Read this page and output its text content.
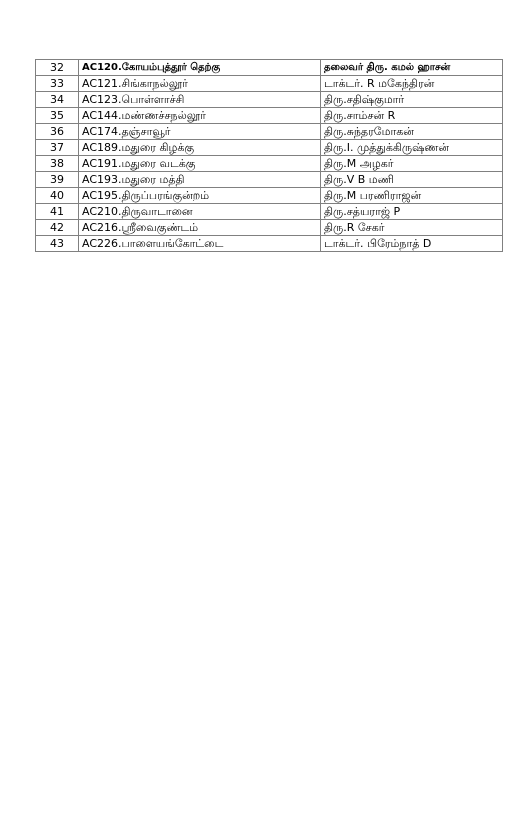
32	AC120.கோயம்புத்தூர் தெற்கு	தலைவர் திரு. கமல் ஹாசன்
33	AC121.சிங்காநல்லூர்	டாக்டர். R மகேந்திரன்
34	AC123.பொள்ளாச்சி	திரு.சதிஷ்குமார்
35	AC144.மண்ணச்சநல்லூர்	திரு.சாம்சன் R
36	AC174.தஞ்சாவூர்	திரு.சுந்தரமோகன்
37	AC189.மதுரை கிழக்கு	திரு.I. முத்துக்கிருஷ்ணன்
38	AC191.மதுரை வடக்கு	திரு.M அழகர்
39	AC193.மதுரை மத்தி	திரு.V B மணி
40	AC195.திருப்பரங்குன்றம்	திரு.M பரணிராஜன்
41	AC210.திருவாடானை	திரு.சத்யராஜ் P
42	AC216.ஸ்ரீவைகுண்டம்	திரு.R சேகர்
43	AC226.பாளையங்கோட்டை	டாக்டர். பிரேம்நாத் D
